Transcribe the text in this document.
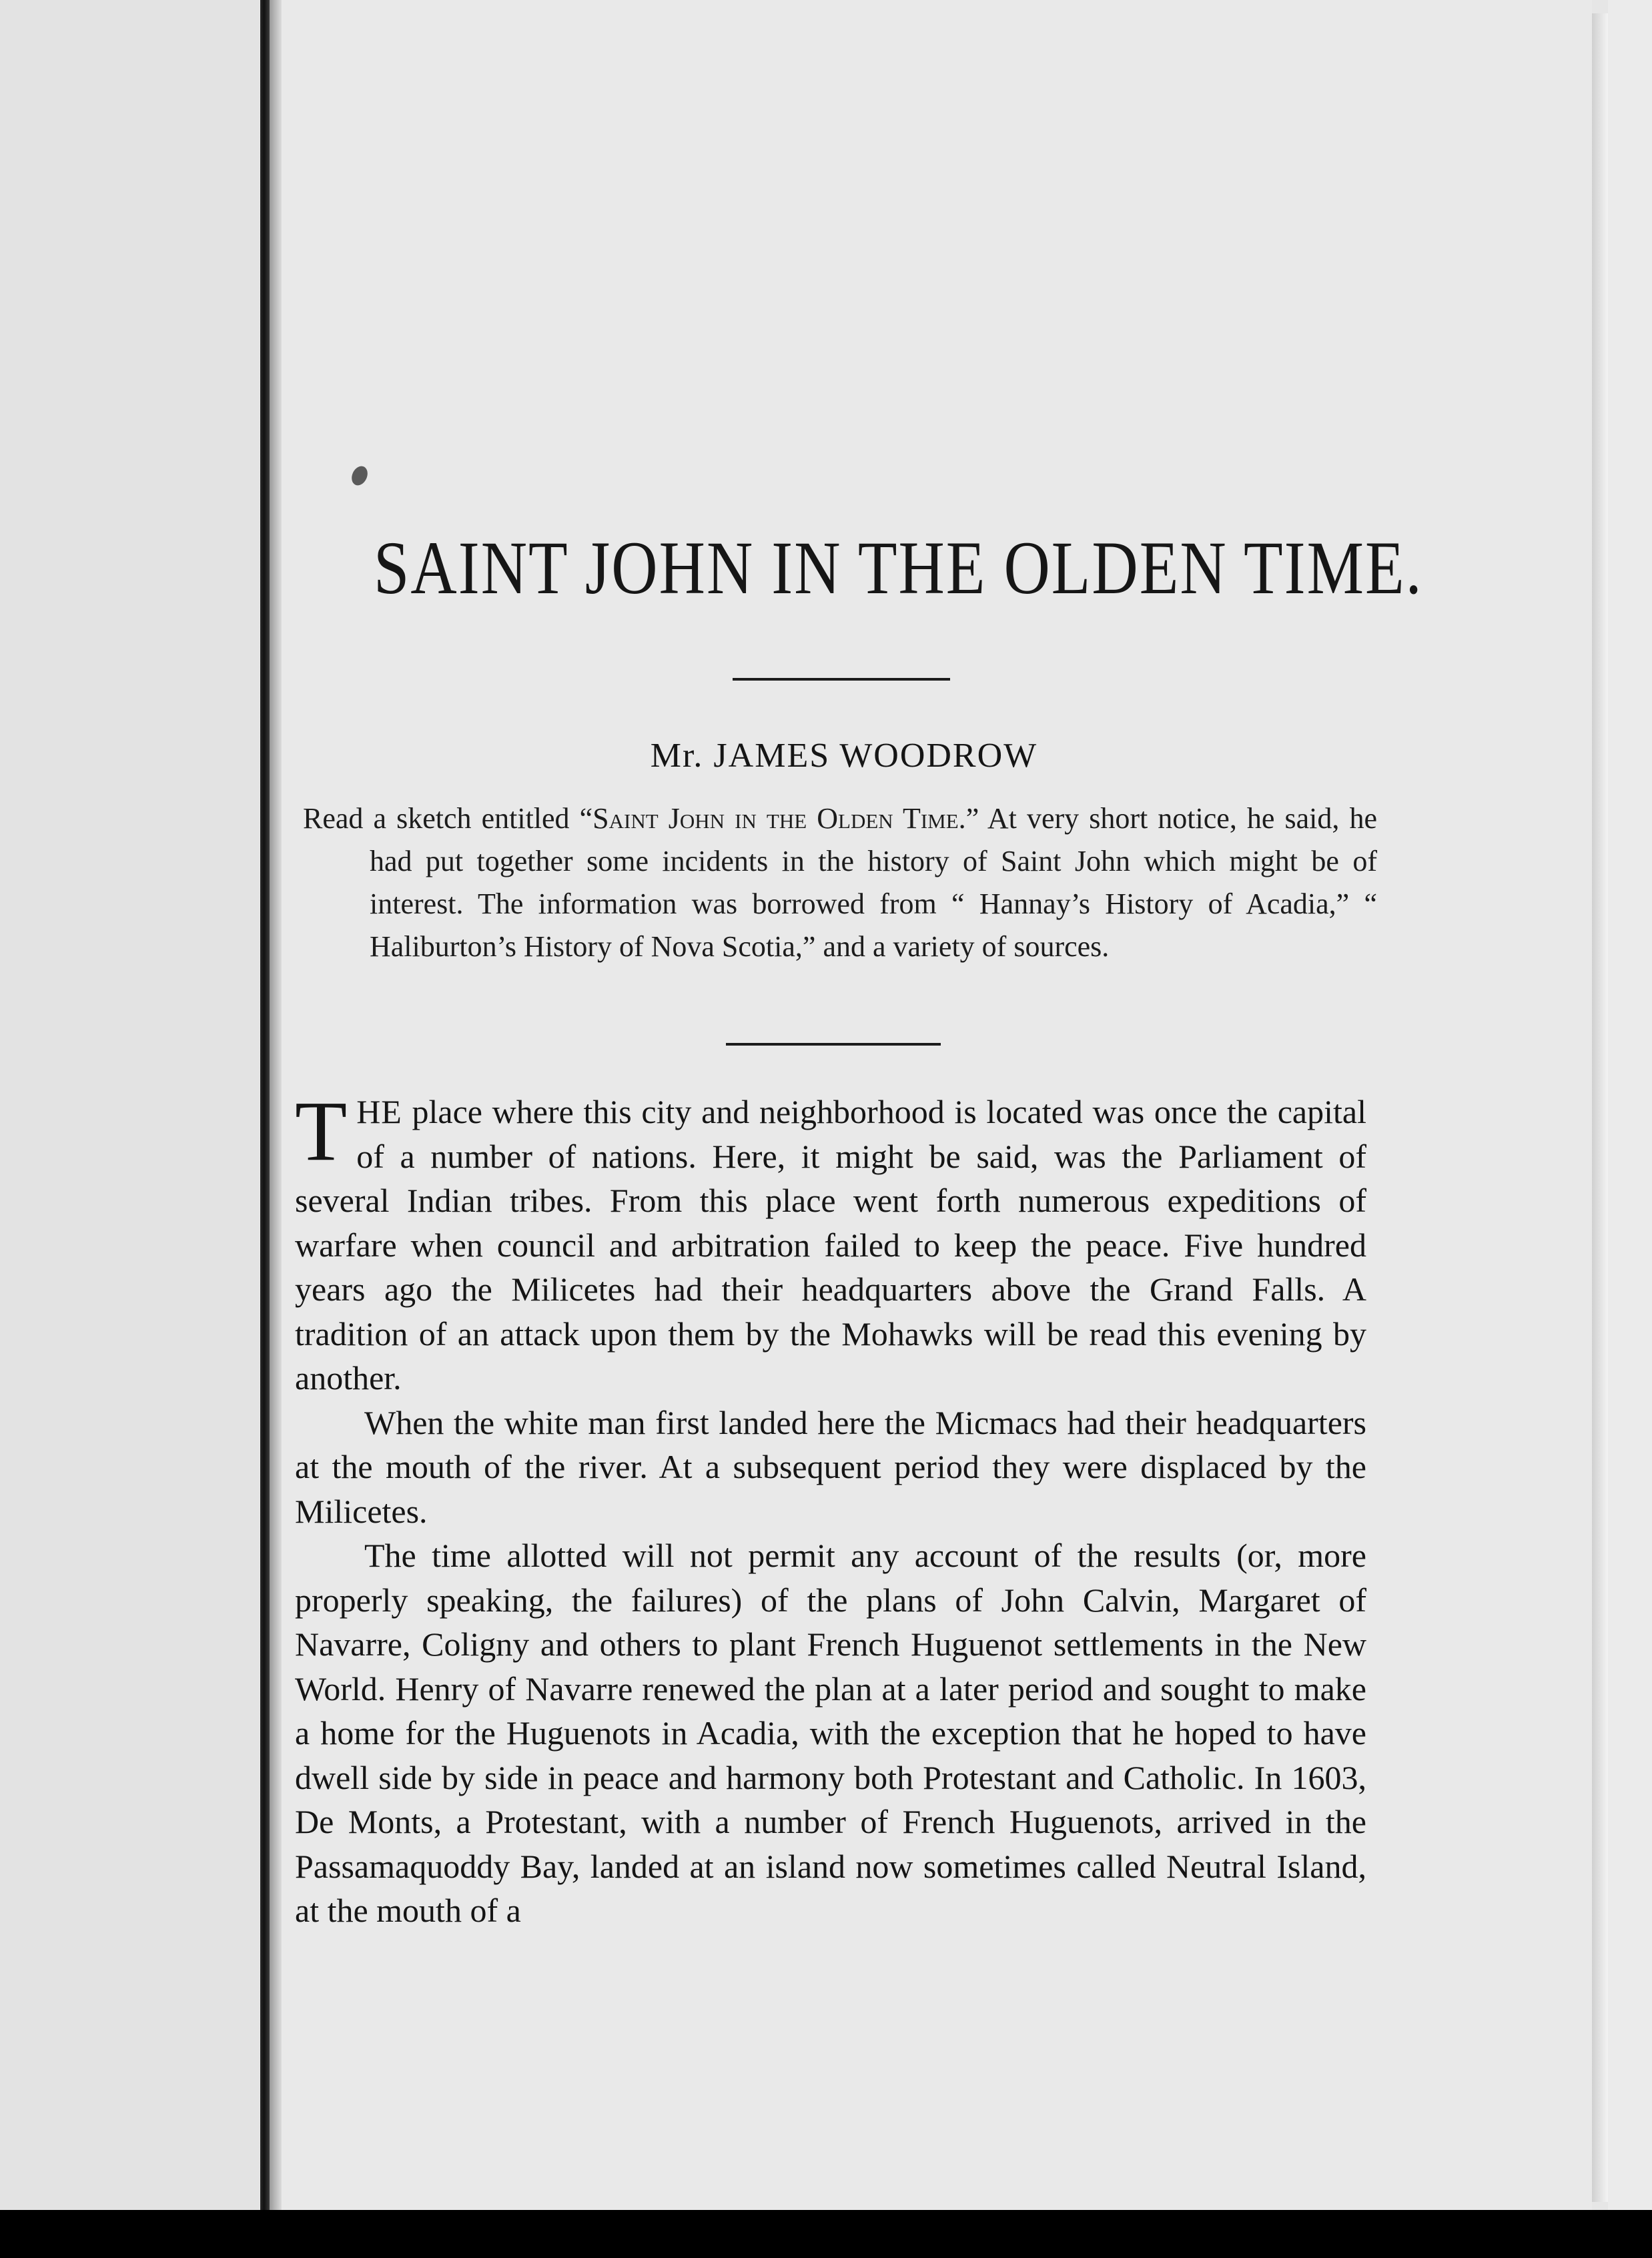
SAINT JOHN IN THE OLDEN TIME.
Mr. JAMES WOODROW

Read a sketch entitled “Saint John in the Olden Time.” At very short notice, he said, he had put together some incidents in the history of Saint John which might be of interest. The information was borrowed from “ Hannay’s History of Acadia,” “ Haliburton’s History of Nova Scotia,” and a variety of sources.

THE place where this city and neighborhood is located was once the capital of a number of nations. Here, it might be said, was the Parliament of several Indian tribes. From this place went forth numerous expeditions of warfare when council and arbitration failed to keep the peace. Five hundred years ago the Milicetes had their headquarters above the Grand Falls. A tradition of an attack upon them by the Mohawks will be read this evening by another.

When the white man first landed here the Micmacs had their headquarters at the mouth of the river. At a subsequent period they were displaced by the Milicetes.

The time allotted will not permit any account of the results (or, more properly speaking, the failures) of the plans of John Calvin, Margaret of Navarre, Coligny and others to plant French Huguenot settlements in the New World. Henry of Navarre renewed the plan at a later period and sought to make a home for the Huguenots in Acadia, with the exception that he hoped to have dwell side by side in peace and harmony both Protestant and Catholic. In 1603, De Monts, a Protestant, with a number of French Huguenots, arrived in the Passamaquoddy Bay, landed at an island now sometimes called Neutral Island, at the mouth of a
